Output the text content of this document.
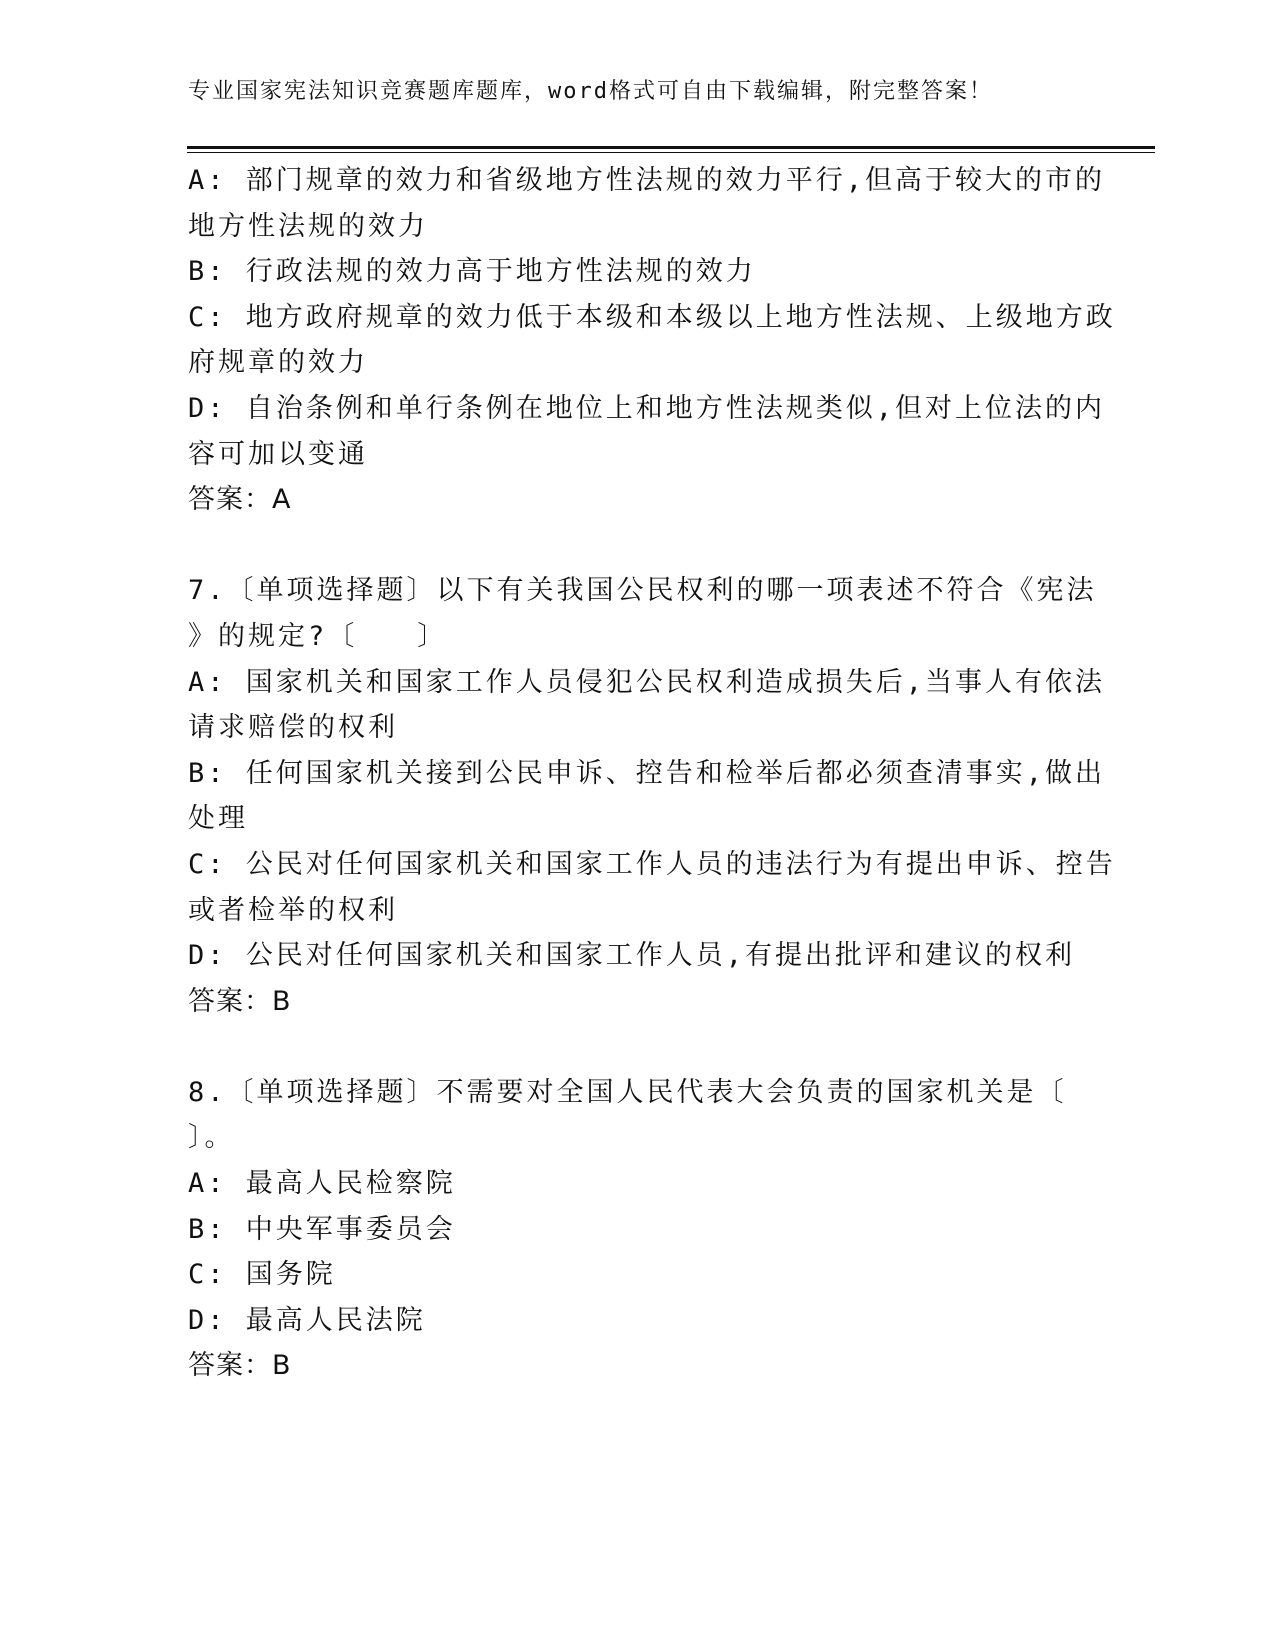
专业国家宪法知识竞赛题库题库，word格式可自由下载编辑，附完整答案！
A: 部门规章的效力和省级地方性法规的效力平行,但高于较大的市的
地方性法规的效力
B: 行政法规的效力高于地方性法规的效力
C: 地方政府规章的效力低于本级和本级以上地方性法规、上级地方政
府规章的效力
D: 自治条例和单行条例在地位上和地方性法规类似,但对上位法的内
容可加以变通
答案：A
7.〔单项选择题〕以下有关我国公民权利的哪一项表述不符合《宪法
》的规定?〔　　〕
A: 国家机关和国家工作人员侵犯公民权利造成损失后,当事人有依法
请求赔偿的权利
B: 任何国家机关接到公民申诉、控告和检举后都必须查清事实,做出
处理
C: 公民对任何国家机关和国家工作人员的违法行为有提出申诉、控告
或者检举的权利
D: 公民对任何国家机关和国家工作人员,有提出批评和建议的权利
答案：B
8.〔单项选择题〕不需要对全国人民代表大会负责的国家机关是〔
〕。
A: 最高人民检察院
B: 中央军事委员会
C: 国务院
D: 最高人民法院
答案：B
